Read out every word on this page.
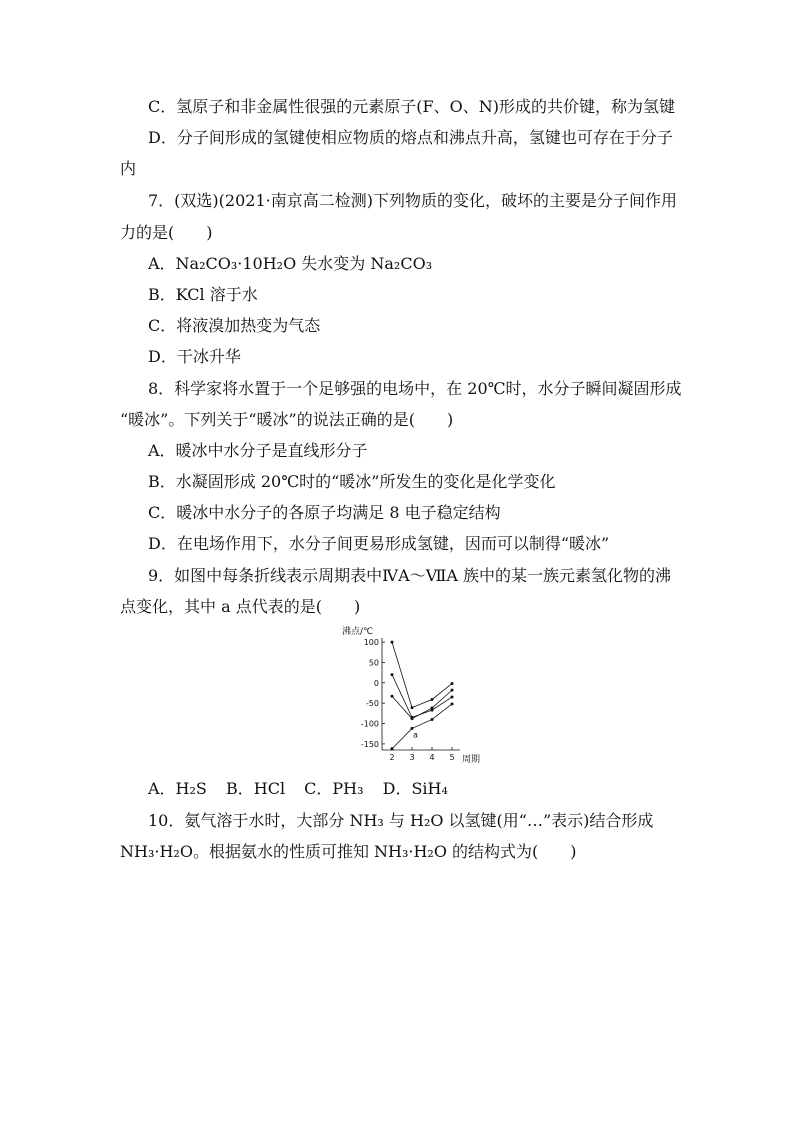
C．氢原子和非金属性很强的元素原子(F、O、N)形成的共价键，称为氢键
D．分子间形成的氢键使相应物质的熔点和沸点升高，氢键也可存在于分子
内
7．(双选)(2021·南京高二检测)下列物质的变化，破坏的主要是分子间作用
力的是(　　)
A．Na₂CO₃·10H₂O 失水变为 Na₂CO₃
B．KCl 溶于水
C．将液溴加热变为气态
D．干冰升华
8．科学家将水置于一个足够强的电场中，在 20℃时，水分子瞬间凝固形成
“暖冰”。下列关于“暖冰”的说法正确的是(　　)
A．暖冰中水分子是直线形分子
B．水凝固形成 20℃时的“暖冰”所发生的变化是化学变化
C．暖冰中水分子的各原子均满足 8 电子稳定结构
D．在电场作用下，水分子间更易形成氢键，因而可以制得“暖冰”
9．如图中每条折线表示周期表中ⅣA～ⅦA 族中的某一族元素氢化物的沸
点变化，其中 a 点代表的是(　　)
沸点/℃
周期
100
50
0
-50
-100
-150
2 3 4 5
a
A．H₂S B．HCl C．PH₃ D．SiH₄
10．氨气溶于水时，大部分 NH₃ 与 H₂O 以氢键(用“…”表示)结合形成
NH₃·H₂O。根据氨水的性质可推知 NH₃·H₂O 的结构式为(　　)
